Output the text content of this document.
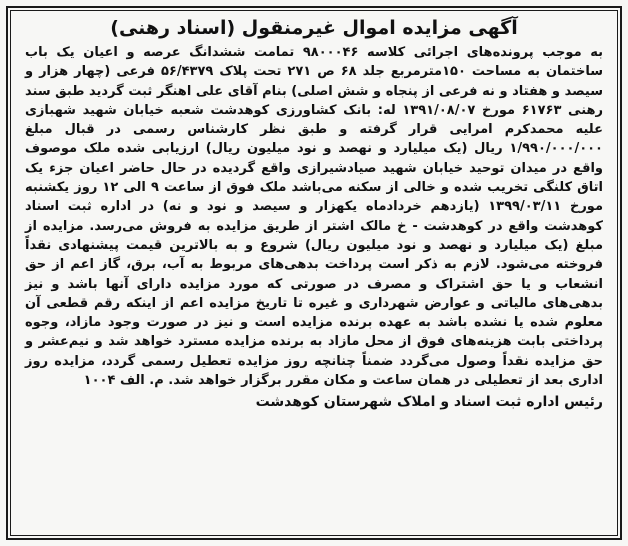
آگهی مزایده اموال غیرمنقول (اسناد رهنی)

به موجب پرونده‌های اجرائی کلاسه ۹۸۰۰۰۴۶ تمامت ششدانگ عرصه و اعیان یک باب ساختمان به مساحت ۱۵۰مترمربع جلد ۶۸ ص ۲۷۱ تحت پلاک ۵۶/۴۳۷۹ فرعی (چهار هزار و سیصد و هفتاد و نه فرعی از پنجاه و شش اصلی) بنام آقای علی اهنگر ثبت گردید طبق سند رهنی ۶۱۷۶۳ مورخ ۱۳۹۱/۰۸/۰۷ له: بانک کشاورزی کوهدشت شعبه خیابان شهید شهبازی علیه محمدکرم امرایی قرار گرفته و طبق نظر کارشناس رسمی در قبال مبلغ ۱/۹۹۰/۰۰۰/۰۰۰ ریال (یک میلیارد و نهصد و نود میلیون ریال) ارزیابی شده ملک موصوف واقع در میدان توحید خیابان شهید صیادشیرازی واقع گردیده در حال حاضر اعیان جزء یک اتاق کلنگی تخریب شده و خالی از سکنه می‌باشد ملک فوق از ساعت ۹ الی ۱۲ روز یکشنبه مورخ ۱۳۹۹/۰۳/۱۱ (یازدهم خردادماه یکهزار و سیصد و نود و نه) در اداره ثبت اسناد کوهدشت واقع در کوهدشت - خ مالک اشتر از طریق مزایده به فروش می‌رسد. مزایده از مبلغ (یک میلیارد و نهصد و نود میلیون ریال) شروع و به بالاترین قیمت پیشنهادی نقداً فروخته می‌شود. لازم به ذکر است پرداخت بدهی‌های مربوط به آب، برق، گاز اعم از حق انشعاب و یا حق اشتراک و مصرف در صورتی که مورد مزایده دارای آنها باشد و نیز بدهی‌های مالیاتی و عوارض شهرداری و غیره تا تاریخ مزایده اعم از اینکه رقم قطعی آن معلوم شده یا نشده باشد به عهده برنده مزایده است و نیز در صورت وجود مازاد، وجوه پرداختی بابت هزینه‌های فوق از محل مازاد به برنده مزایده مسترد خواهد شد و نیم‌عشر و حق مزایده نقداً وصول می‌گردد ضمناً چنانچه روز مزایده تعطیل رسمی گردد، مزایده روز اداری بعد از تعطیلی در همان ساعت و مکان مقرر برگزار خواهد شد. م. الف ۱۰۰۴

رئیس اداره ثبت اسناد و املاک شهرستان کوهدشت
